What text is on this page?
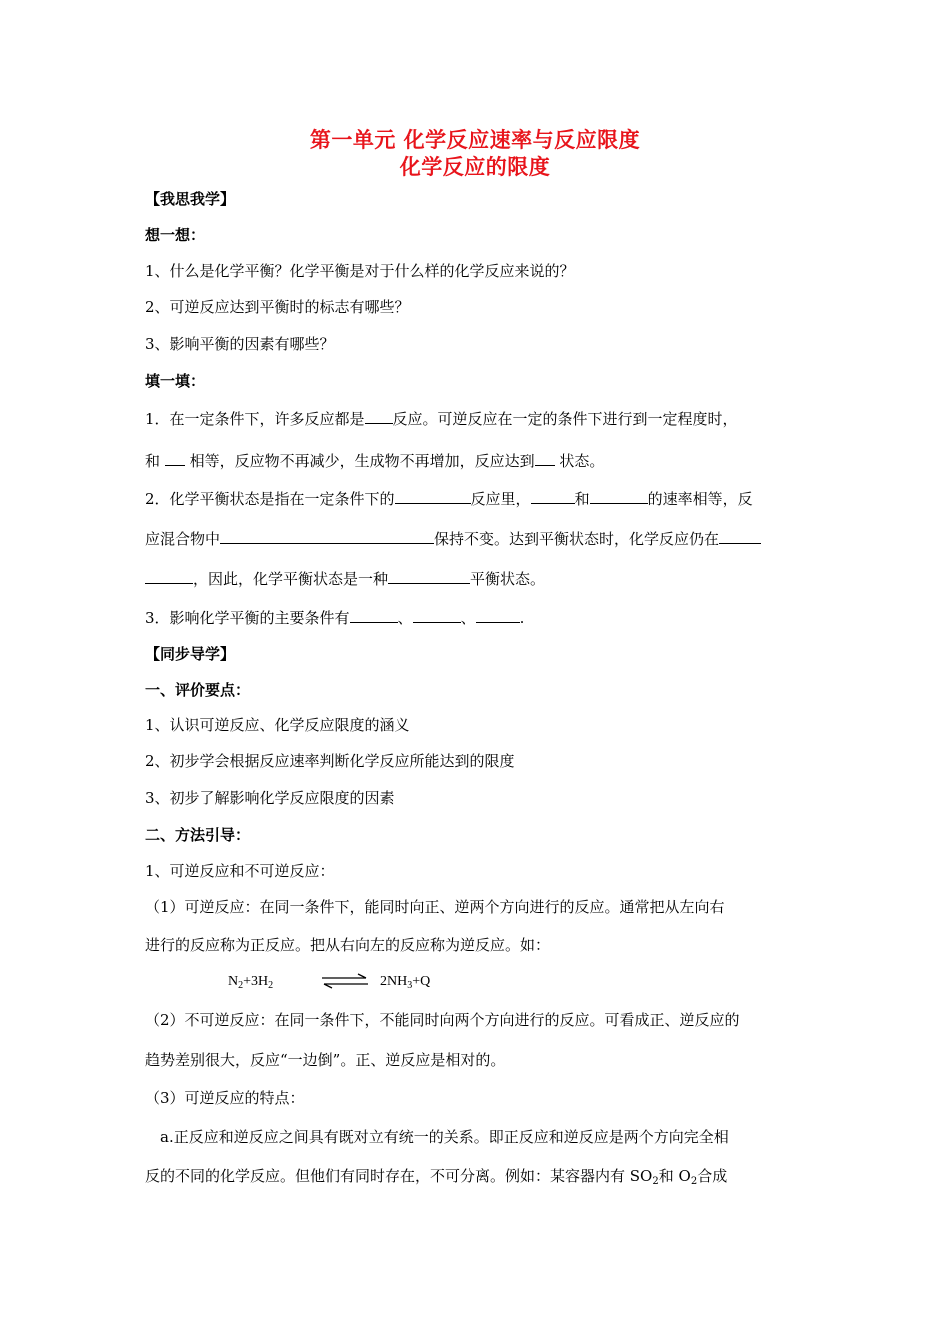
第一单元 化学反应速率与反应限度
化学反应的限度
【我思我学】
想一想：
1、什么是化学平衡？化学平衡是对于什么样的化学反应来说的？
2、可逆反应达到平衡时的标志有哪些？
3、影响平衡的因素有哪些？
填一填：
1．在一定条件下，许多反应都是 反应。可逆反应在一定的条件下进行到一定程度时，
和 相等，反应物不再减少，生成物不再增加，反应达到 状态。
2．化学平衡状态是指在一定条件下的	反应里，	和	的速率相等，反
应混合物中	保持不变。达到平衡状态时，化学反应仍在
，因此，化学平衡状态是一种	平衡状态。
3．影响化学平衡的主要条件有	、	、	.
【同步导学】
一、评价要点：
1、认识可逆反应、化学反应限度的涵义
2、初步学会根据反应速率判断化学反应所能达到的限度
3、初步了解影响化学反应限度的因素
二、方法引导：
1、可逆反应和不可逆反应：
（1）可逆反应：在同一条件下，能同时向正、逆两个方向进行的反应。通常把从左向右
进行的反应称为正反应。把从右向左的反应称为逆反应。如：
$N_2+3H_2$	⇌ $2NH_3+Q$
（2）不可逆反应：在同一条件下，不能同时向两个方向进行的反应。可看成正、逆反应的
趋势差别很大，反应“一边倒”。正、逆反应是相对的。
（3）可逆反应的特点：
a.正反应和逆反应之间具有既对立有统一的关系。即正反应和逆反应是两个方向完全相
反的不同的化学反应。但他们有同时存在，不可分离。例如：某容器内有 $SO_2$和 $O_2$合成
